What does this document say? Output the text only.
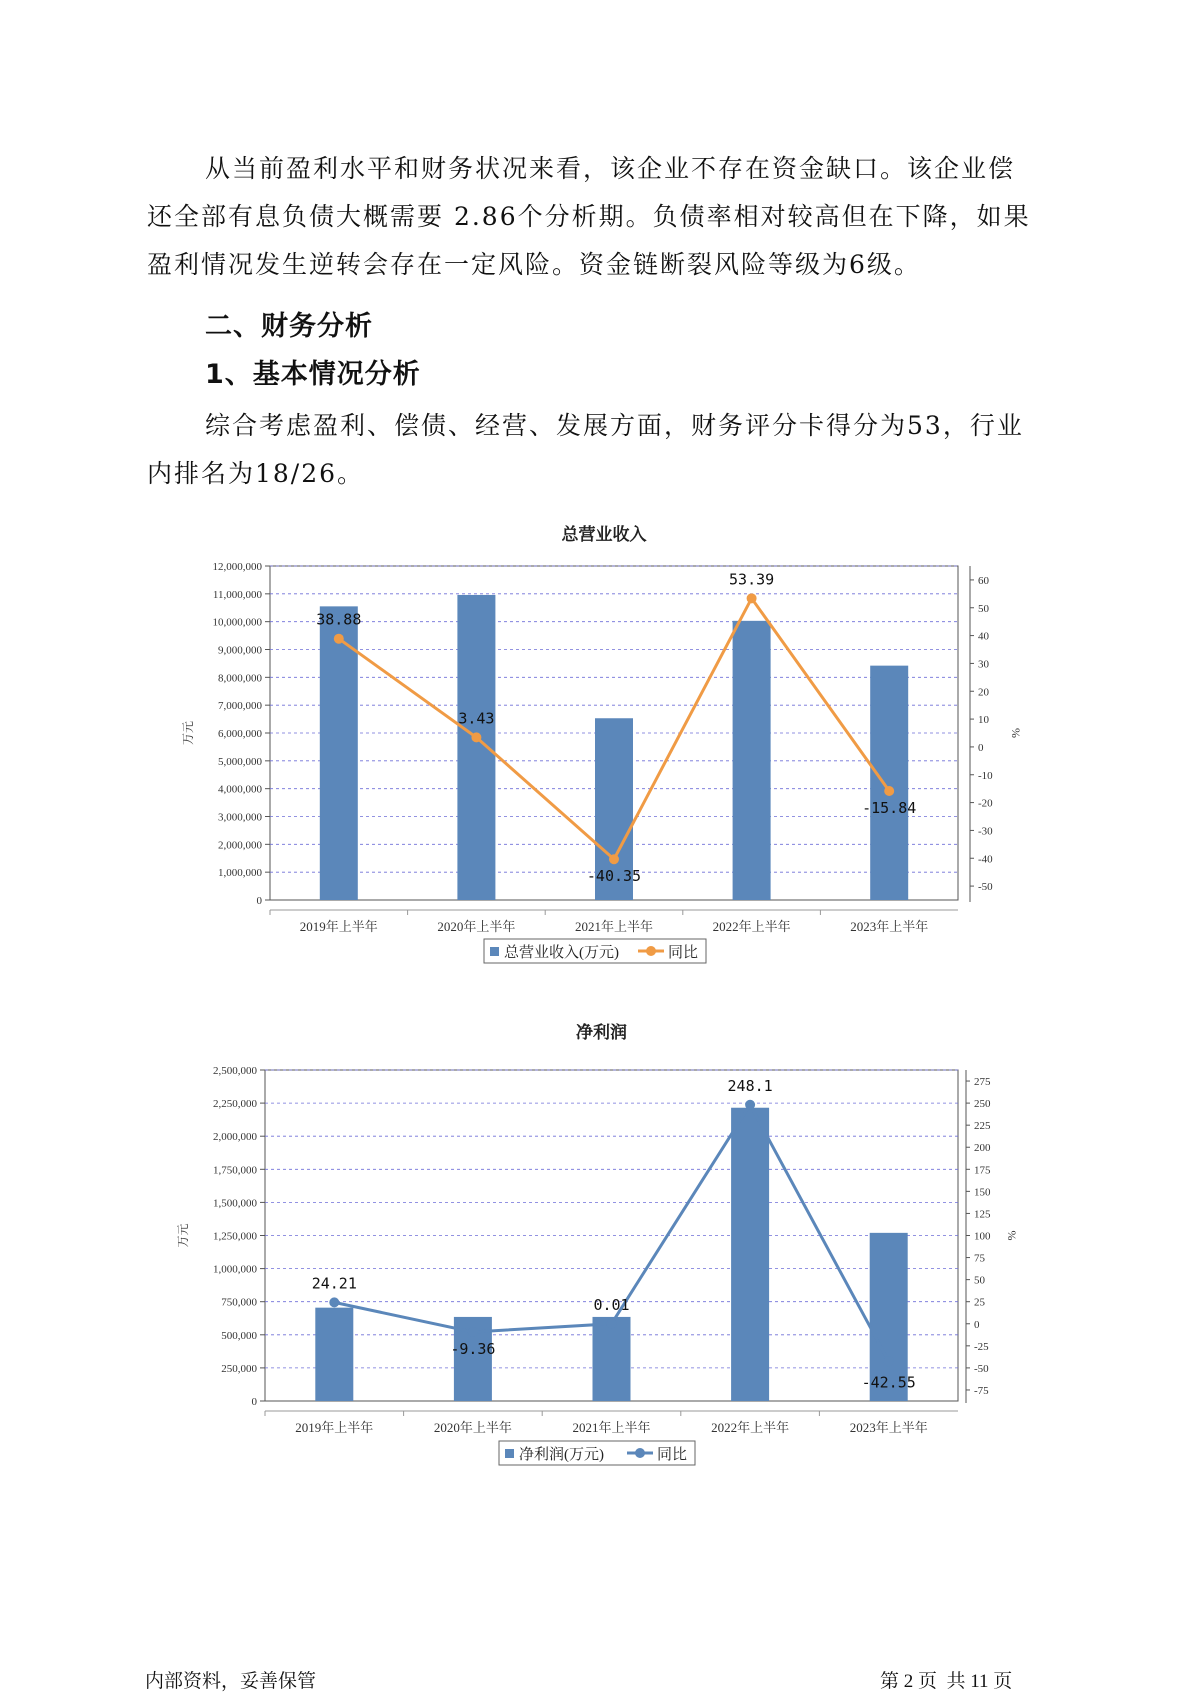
从当前盈利水平和财务状况来看，该企业不存在资金缺口。该企业偿
还全部有息负债大概需要 2.86个分析期。负债率相对较高但在下降，如果
盈利情况发生逆转会存在一定风险。资金链断裂风险等级为6级。
二、财务分析
1、基本情况分析
综合考虑盈利、偿债、经营、发展方面，财务评分卡得分为53，行业
内排名为18/26。
总营业收入
0
1,000,000
2,000,000
3,000,000
4,000,000
5,000,000
6,000,000
7,000,000
8,000,000
9,000,000
10,000,000
11,000,000
12,000,000
60
50
40
30
20
10
0
-10
-20
-30
-40
-50
万元	%
2019年上半年	2020年上半年	2021年上半年	2022年上半年	2023年上半年
38.88
3.43
-40.35
53.39
-15.84
总营业收入(万元)	同比
净利润
0
250,000
500,000
750,000
1,000,000
1,250,000
1,500,000
1,750,000
2,000,000
2,250,000
2,500,000
275
250
225
200
175
150
125
100
75
50
25
0
-25
-50
-75
万元	%
2019年上半年	2020年上半年	2021年上半年	2022年上半年	2023年上半年
24.21
-9.36
0.01
248.1
-42.55
净利润(万元)	同比
内部资料，妥善保管	第 2 页  共 11 页
